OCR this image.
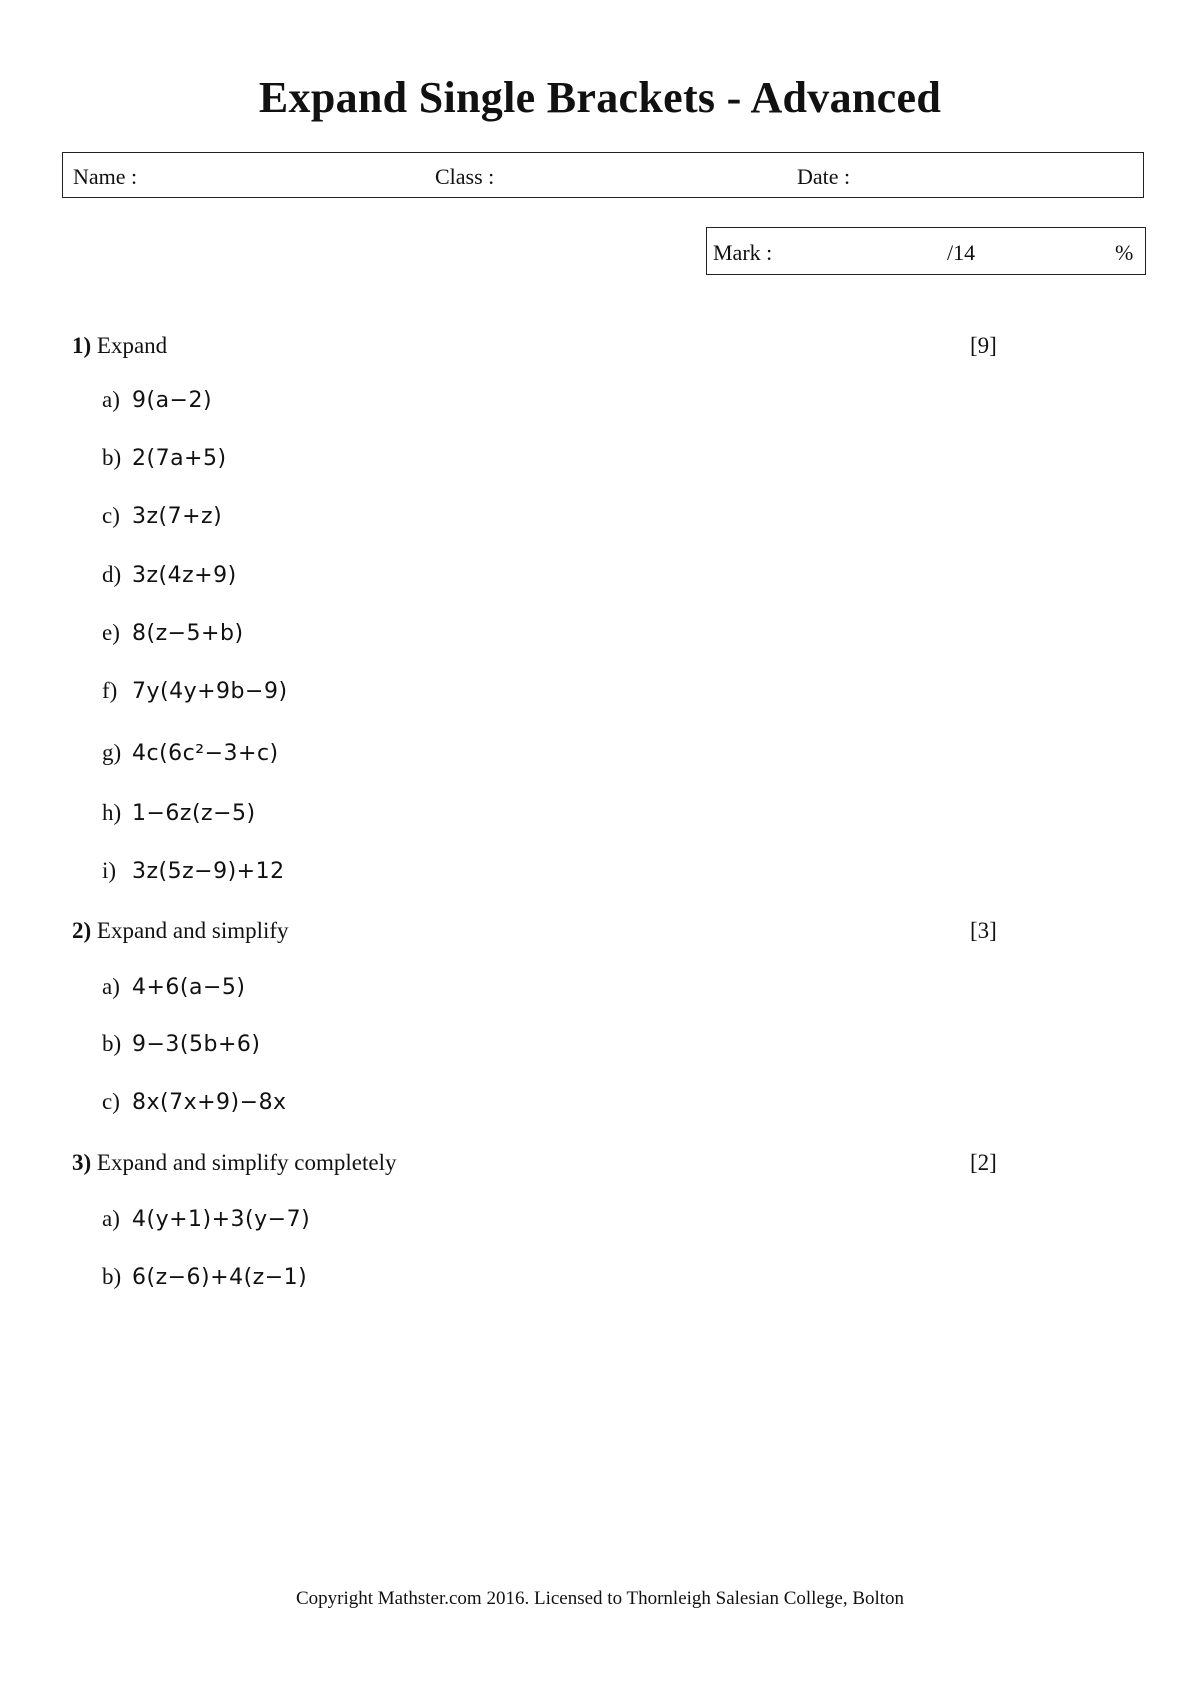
Expand Single Brackets - Advanced
Name :	Class :	Date :
Mark :	/14	%
1) Expand	[9]
a) 9(a−2)
b) 2(7a+5)
c) 3z(7+z)
d) 3z(4z+9)
e) 8(z−5+b)
f) 7y(4y+9b−9)
g) 4c(6c²−3+c)
h) 1−6z(z−5)
i) 3z(5z−9)+12
2) Expand and simplify	[3]
a) 4+6(a−5)
b) 9−3(5b+6)
c) 8x(7x+9)−8x
3) Expand and simplify completely	[2]
a) 4(y+1)+3(y−7)
b) 6(z−6)+4(z−1)
Copyright Mathster.com 2016. Licensed to Thornleigh Salesian College, Bolton
